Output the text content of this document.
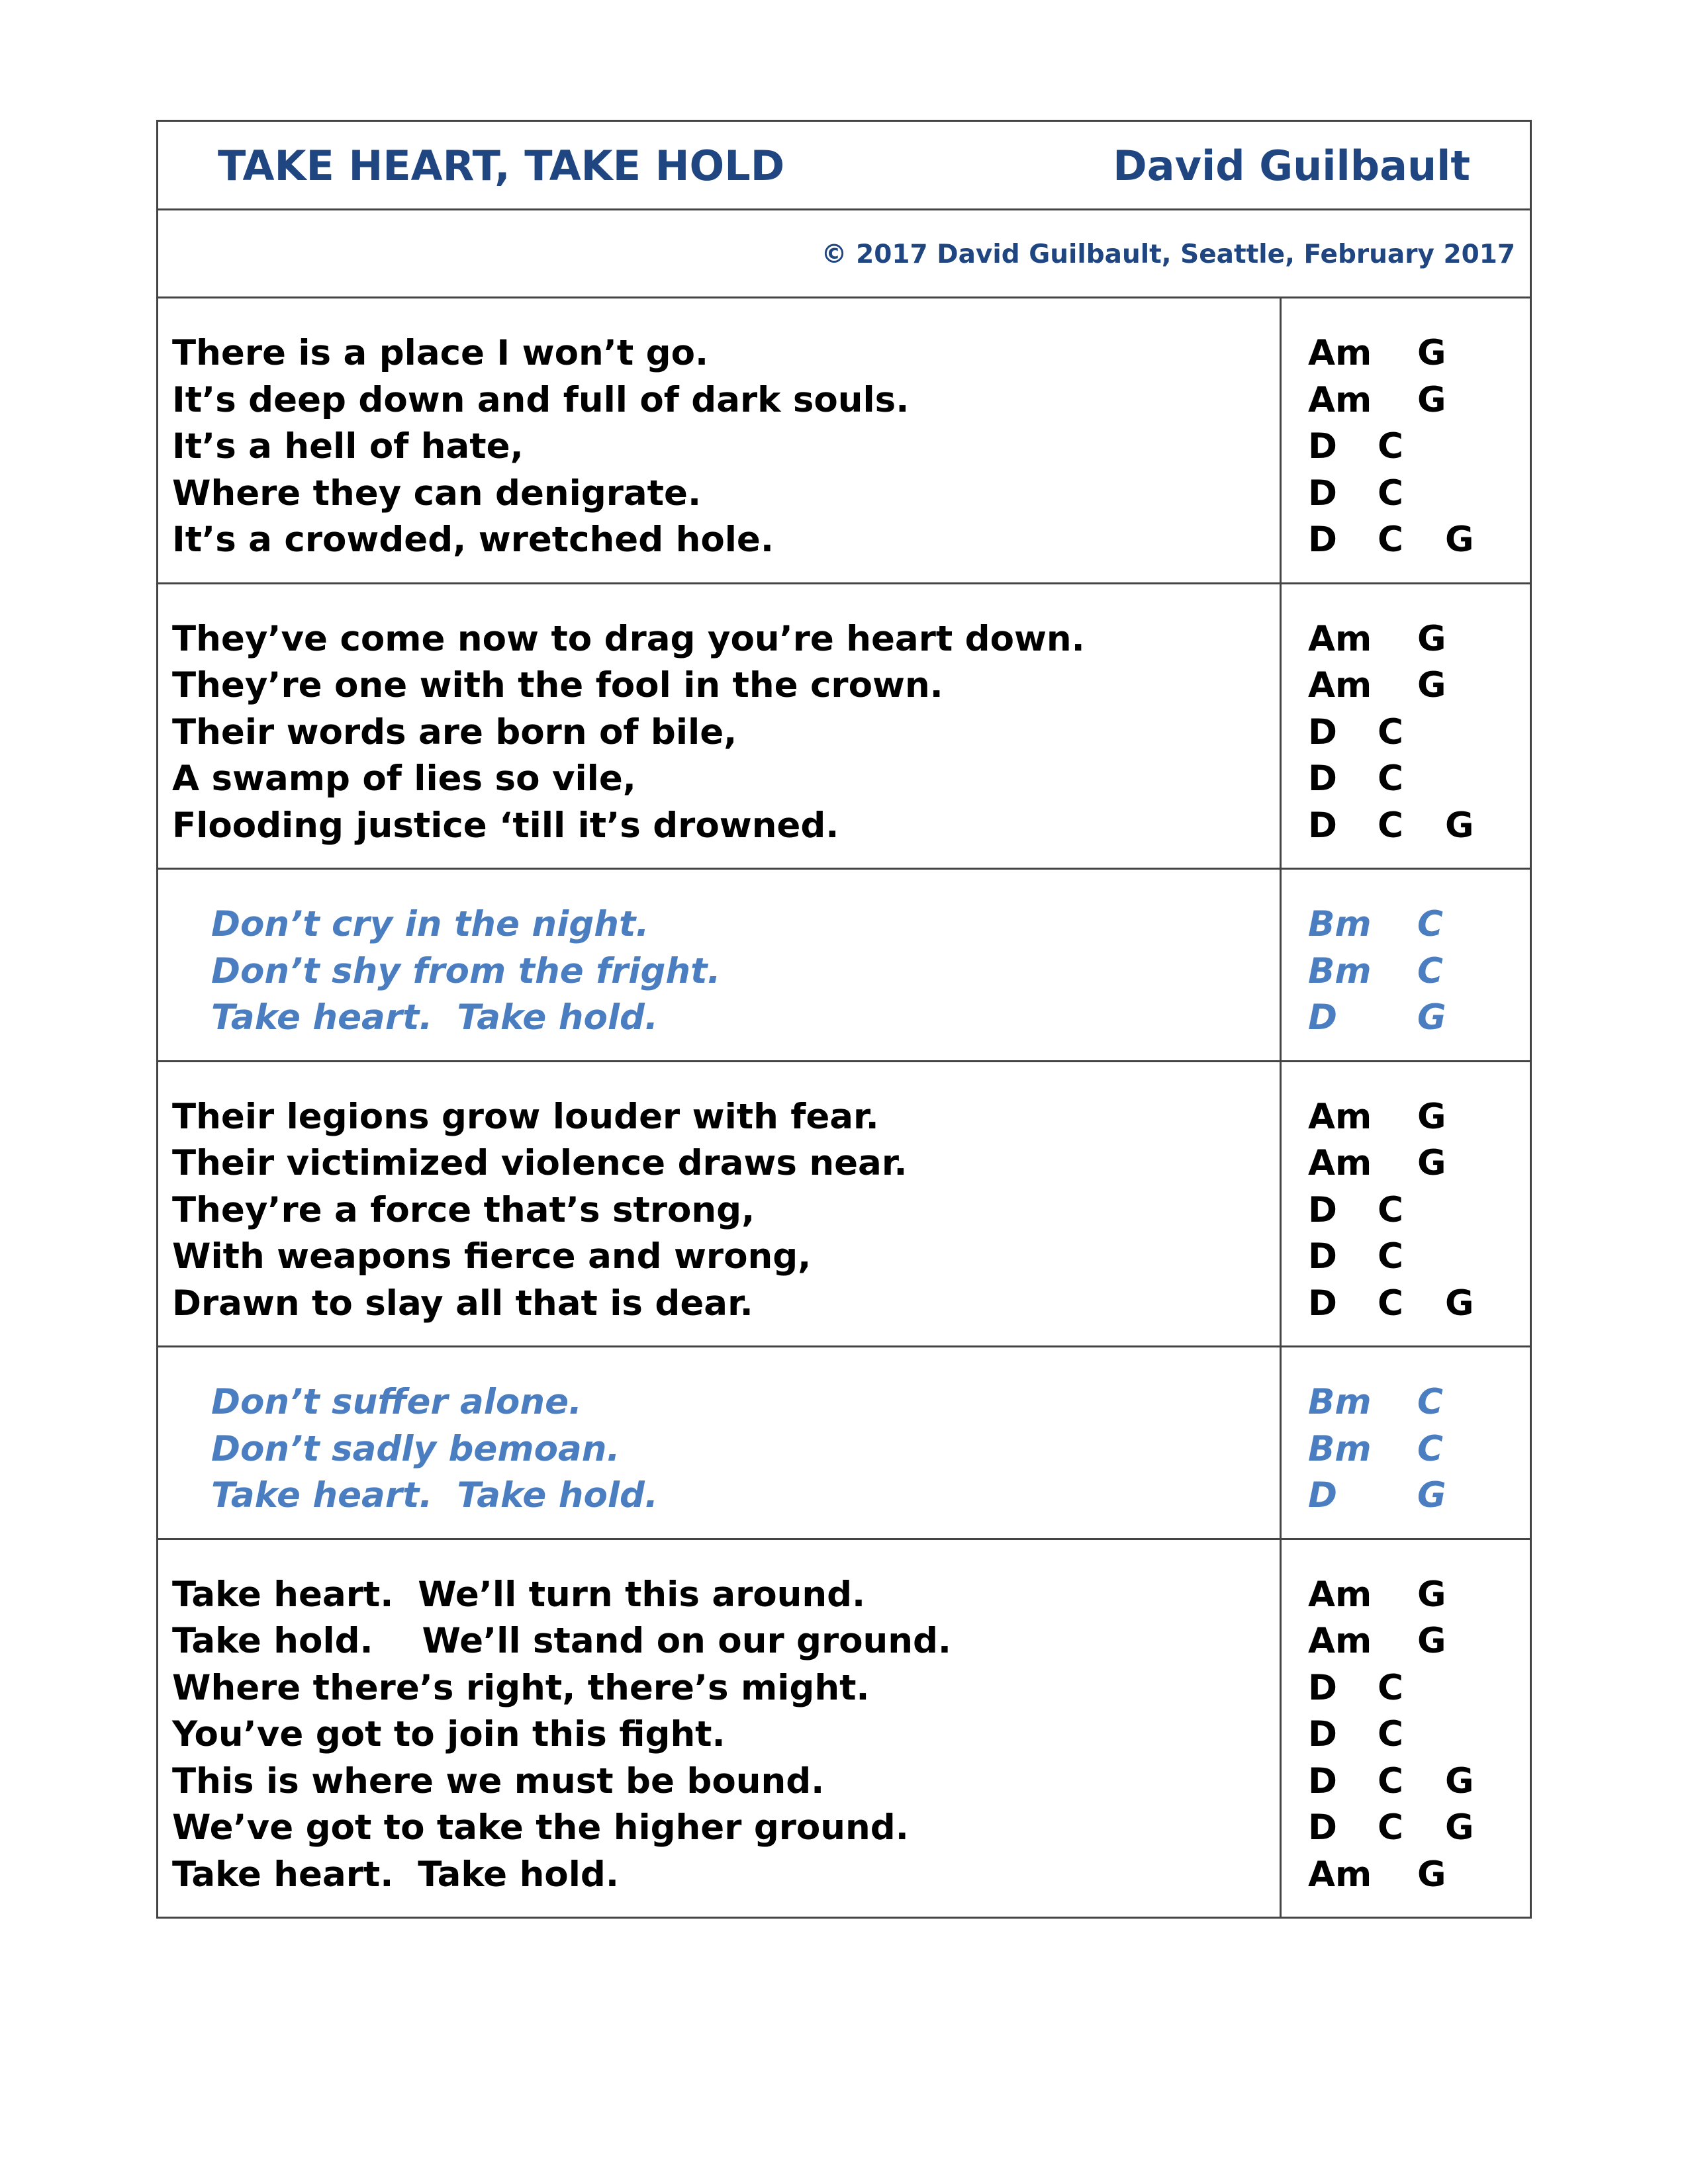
TAKE HEART, TAKE HOLD	David Guilbault
© 2017 David Guilbault, Seattle, February 2017
There is a place I won’t go.
It’s deep down and full of dark souls.
It’s a hell of hate,
Where they can denigrate.
It’s a crowded, wretched hole.
Am G
Am G
D C
D C
D C G
They’ve come now to drag you’re heart down.
They’re one with the fool in the crown.
Their words are born of bile,
A swamp of lies so vile,
Flooding justice ‘till it’s drowned.
Am G
Am G
D C
D C
D C G
Don’t cry in the night.
Don’t shy from the fright.
Take heart.  Take hold.
Bm C
Bm C
D G
Their legions grow louder with fear.
Their victimized violence draws near.
They’re a force that’s strong,
With weapons fierce and wrong,
Drawn to slay all that is dear.
Am G
Am G
D C
D C
D C G
Don’t suffer alone.
Don’t sadly bemoan.
Take heart.  Take hold.
Bm C
Bm C
D G
Take heart.  We’ll turn this around.
Take hold.    We’ll stand on our ground.
Where there’s right, there’s might.
You’ve got to join this fight.
This is where we must be bound.
We’ve got to take the higher ground.
Take heart.  Take hold.
Am G
Am G
D C
D C
D C G
D C G
Am G
